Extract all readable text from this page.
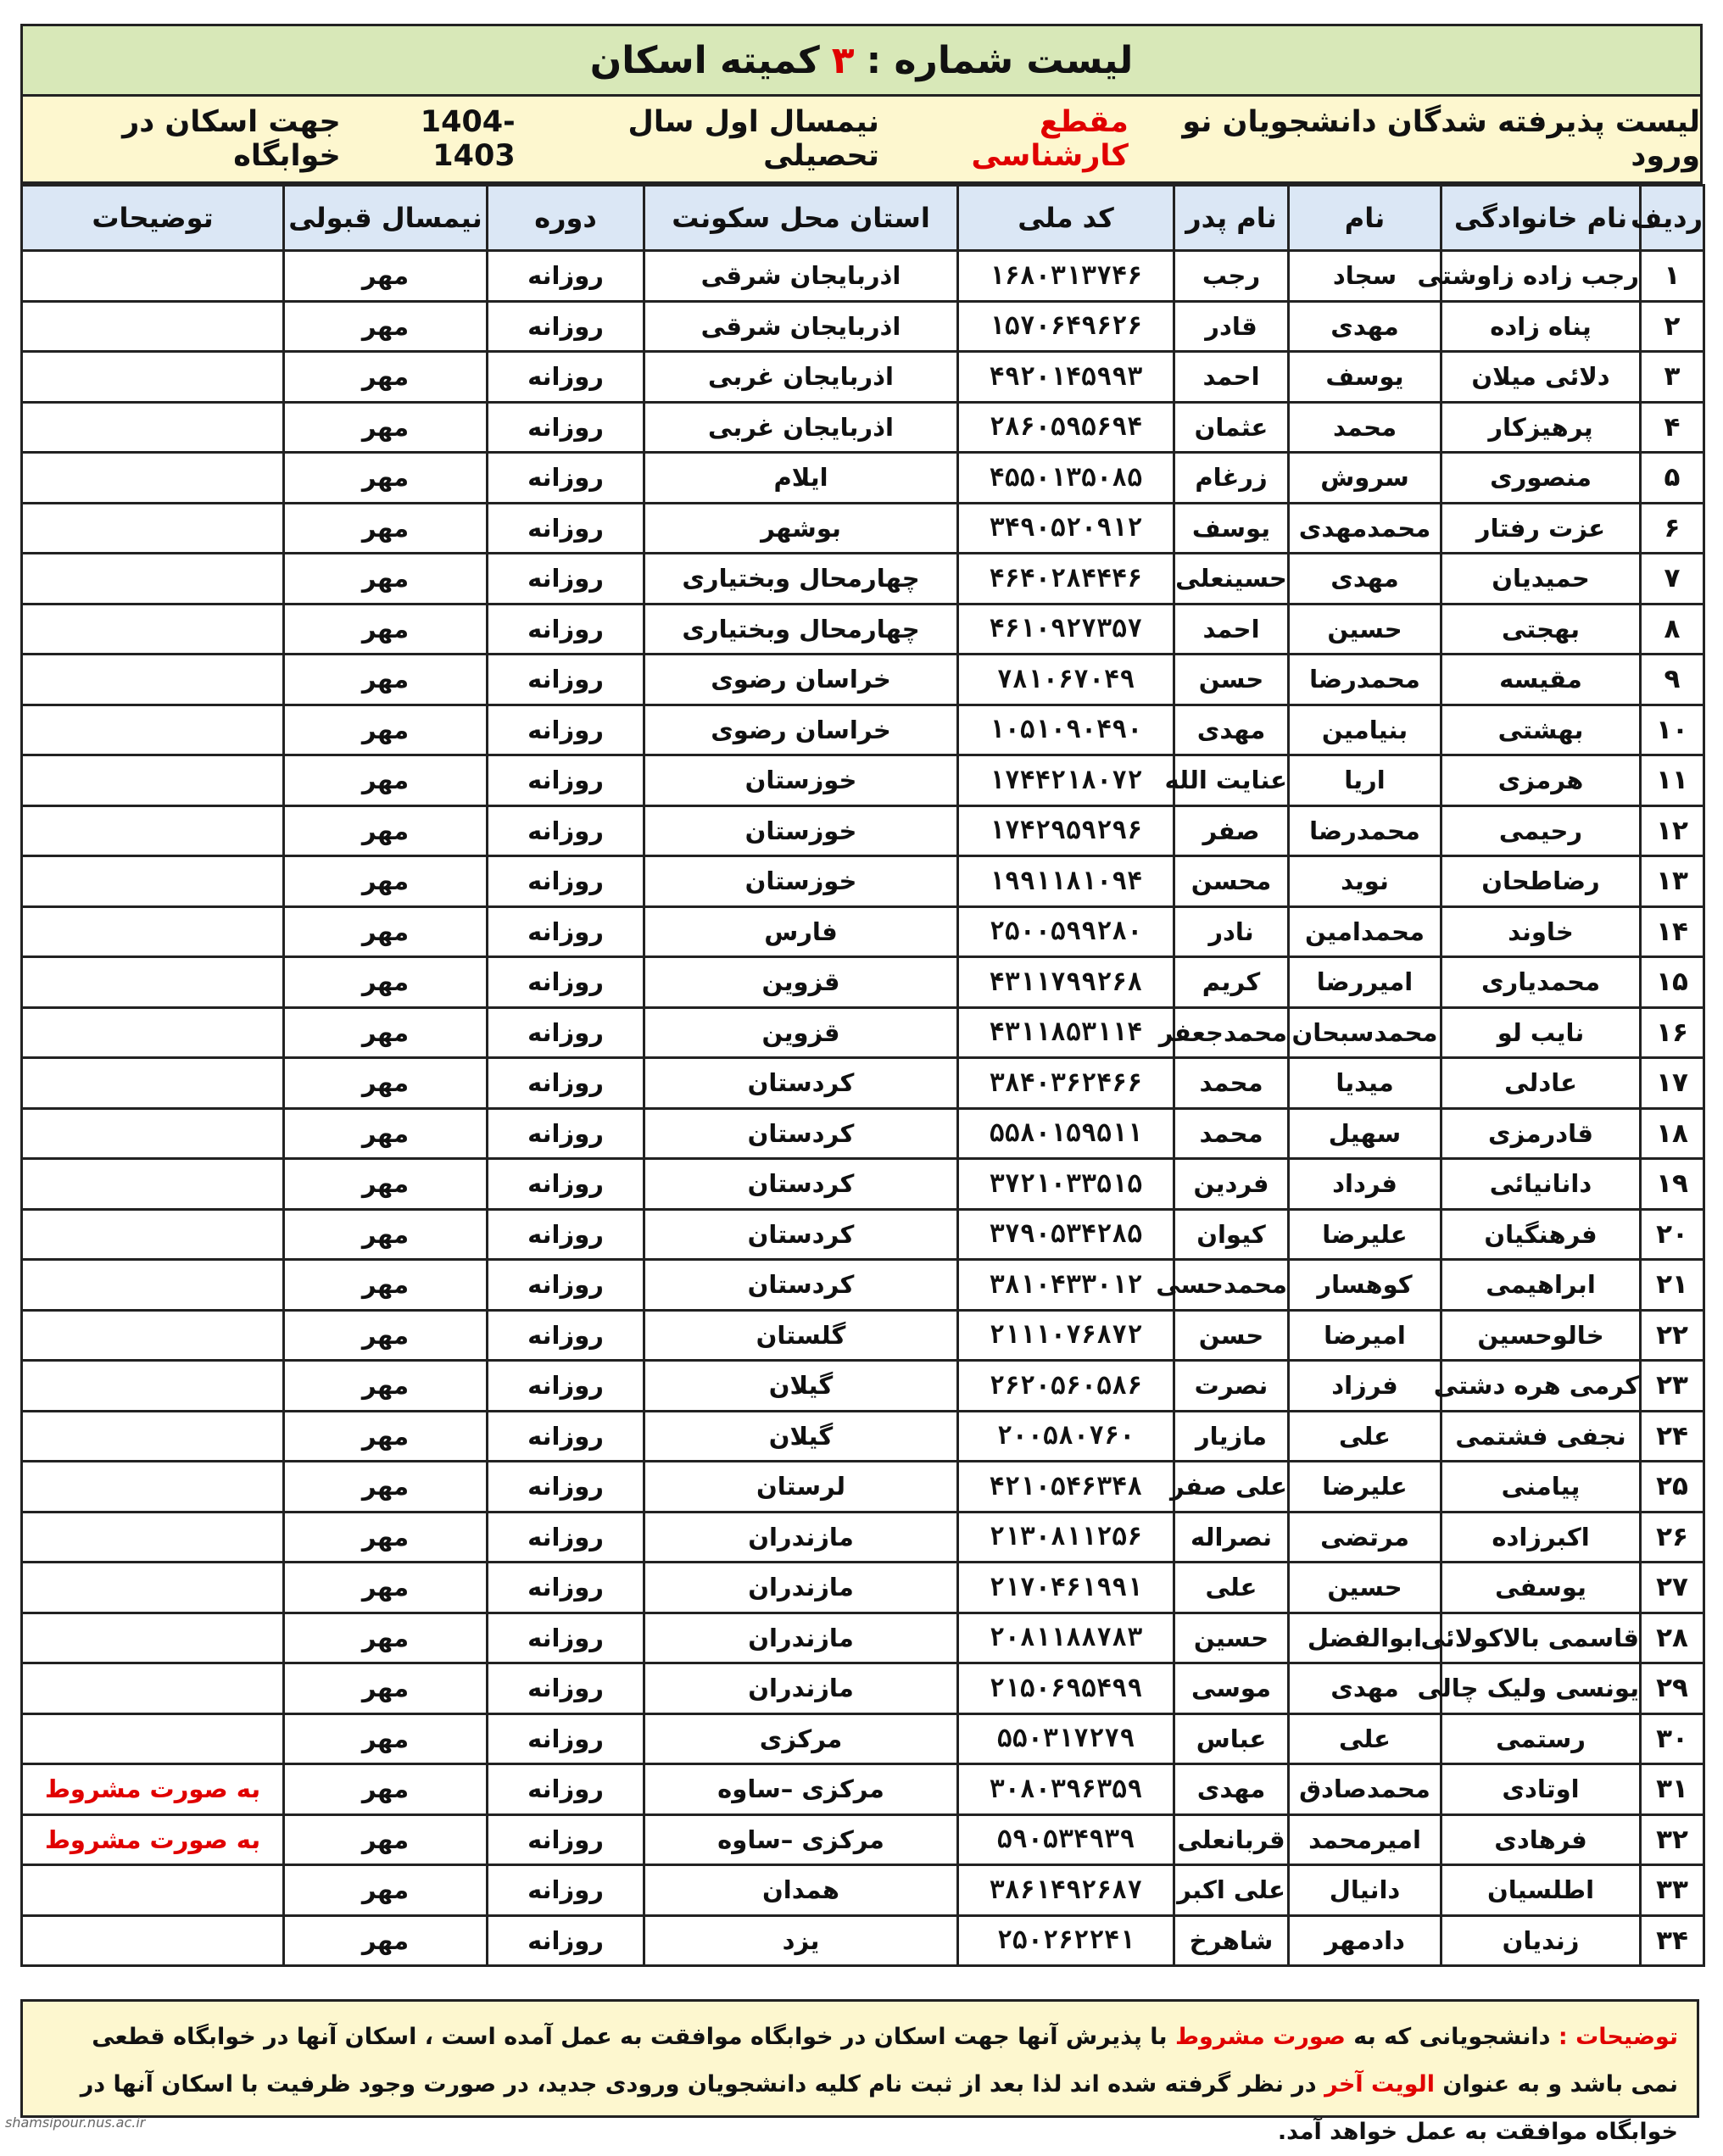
لیست شماره :
۳
کمیته اسکان
لیست پذیرفته شدگان دانشجویان نو ورود
مقطع کارشناسی
نیمسال اول سال تحصیلی
1404-1403
جهت اسکان در خوابگاه
ردیف	نام خانوادگی	نام	نام پدر	کد ملی	استان محل سکونت	دوره	نیمسال قبولی	توضیحات
۱	رجب زاده زاوشتی	سجاد	رجب	۱۶۸۰۳۱۳۷۴۶	اذربایجان شرقی	روزانه	مهر	
۲	پناه زاده	مهدی	قادر	۱۵۷۰۶۴۹۶۲۶	اذربایجان شرقی	روزانه	مهر	
۳	دلائی میلان	یوسف	احمد	۴۹۲۰۱۴۵۹۹۳	اذربایجان غربی	روزانه	مهر	
۴	پرهیزکار	محمد	عثمان	۲۸۶۰۵۹۵۶۹۴	اذربایجان غربی	روزانه	مهر	
۵	منصوری	سروش	زرغام	۴۵۵۰۱۳۵۰۸۵	ایلام	روزانه	مهر	
۶	عزت رفتار	محمدمهدی	یوسف	۳۴۹۰۵۲۰۹۱۲	بوشهر	روزانه	مهر	
۷	حمیدیان	مهدی	حسینعلی	۴۶۴۰۲۸۴۴۴۶	چهارمحال وبختیاری	روزانه	مهر	
۸	بهجتی	حسین	احمد	۴۶۱۰۹۲۷۳۵۷	چهارمحال وبختیاری	روزانه	مهر	
۹	مقیسه	محمدرضا	حسن	۷۸۱۰۶۷۰۴۹	خراسان رضوی	روزانه	مهر	
۱۰	بهشتی	بنیامین	مهدی	۱۰۵۱۰۹۰۴۹۰	خراسان رضوی	روزانه	مهر	
۱۱	هرمزی	اریا	عنایت الله	۱۷۴۴۲۱۸۰۷۲	خوزستان	روزانه	مهر	
۱۲	رحیمی	محمدرضا	صفر	۱۷۴۲۹۵۹۲۹۶	خوزستان	روزانه	مهر	
۱۳	رضاطحان	نوید	محسن	۱۹۹۱۱۸۱۰۹۴	خوزستان	روزانه	مهر	
۱۴	خاوند	محمدامین	نادر	۲۵۰۰۵۹۹۲۸۰	فارس	روزانه	مهر	
۱۵	محمدیاری	امیررضا	کریم	۴۳۱۱۷۹۹۲۶۸	قزوین	روزانه	مهر	
۱۶	نایب لو	محمدسبحان	محمدجعفر	۴۳۱۱۸۵۳۱۱۴	قزوین	روزانه	مهر	
۱۷	عادلی	میدیا	محمد	۳۸۴۰۳۶۲۴۶۶	کردستان	روزانه	مهر	
۱۸	قادرمزی	سهیل	محمد	۵۵۸۰۱۵۹۵۱۱	کردستان	روزانه	مهر	
۱۹	دانانیائی	فرداد	فردین	۳۷۲۱۰۳۳۵۱۵	کردستان	روزانه	مهر	
۲۰	فرهنگیان	علیرضا	کیوان	۳۷۹۰۵۳۴۲۸۵	کردستان	روزانه	مهر	
۲۱	ابراهیمی	کوهسار	محمدحسی	۳۸۱۰۴۳۳۰۱۲	کردستان	روزانه	مهر	
۲۲	خالوحسین	امیرضا	حسن	۲۱۱۱۰۷۶۸۷۲	گلستان	روزانه	مهر	
۲۳	کرمی هره دشتی	فرزاد	نصرت	۲۶۲۰۵۶۰۵۸۶	گیلان	روزانه	مهر	
۲۴	نجفی فشتمی	علی	مازیار	۲۰۰۵۸۰۷۶۰	گیلان	روزانه	مهر	
۲۵	پیامنی	علیرضا	علی صفر	۴۲۱۰۵۴۶۳۴۸	لرستان	روزانه	مهر	
۲۶	اکبرزاده	مرتضی	نصراله	۲۱۳۰۸۱۱۲۵۶	مازندران	روزانه	مهر	
۲۷	یوسفی	حسین	علی	۲۱۷۰۴۶۱۹۹۱	مازندران	روزانه	مهر	
۲۸	قاسمی بالاکولائی	ابوالفضل	حسین	۲۰۸۱۱۸۸۷۸۳	مازندران	روزانه	مهر	
۲۹	یونسی ولیک چالی	مهدی	موسی	۲۱۵۰۶۹۵۴۹۹	مازندران	روزانه	مهر	
۳۰	رستمی	علی	عباس	۵۵۰۳۱۷۲۷۹	مرکزی	روزانه	مهر	
۳۱	اوتادی	محمدصادق	مهدی	۳۰۸۰۳۹۶۳۵۹	مرکزی –ساوه	روزانه	مهر	به صورت مشروط
۳۲	فرهادی	امیرمحمد	قربانعلی	۵۹۰۵۳۴۹۳۹	مرکزی –ساوه	روزانه	مهر	به صورت مشروط
۳۳	اطلسیان	دانیال	علی اکبر	۳۸۶۱۴۹۲۶۸۷	همدان	روزانه	مهر	
۳۴	زندیان	دادمهر	شاهرخ	۲۵۰۲۶۲۲۴۱	یزد	روزانه	مهر	
توضیحات : دانشجویانی که به صورت مشروط با پذیرش آنها جهت اسکان در خوابگاه موافقت به عمل آمده است ، اسکان آنها در خوابگاه قطعی نمی باشد و به عنوان الویت آخر در نظر گرفته شده اند لذا بعد از ثبت نام کلیه دانشجویان ورودی جدید، در صورت وجود ظرفیت با اسکان آنها در خوابگاه موافقت به عمل خواهد آمد.
shamsipour.nus.ac.ir
